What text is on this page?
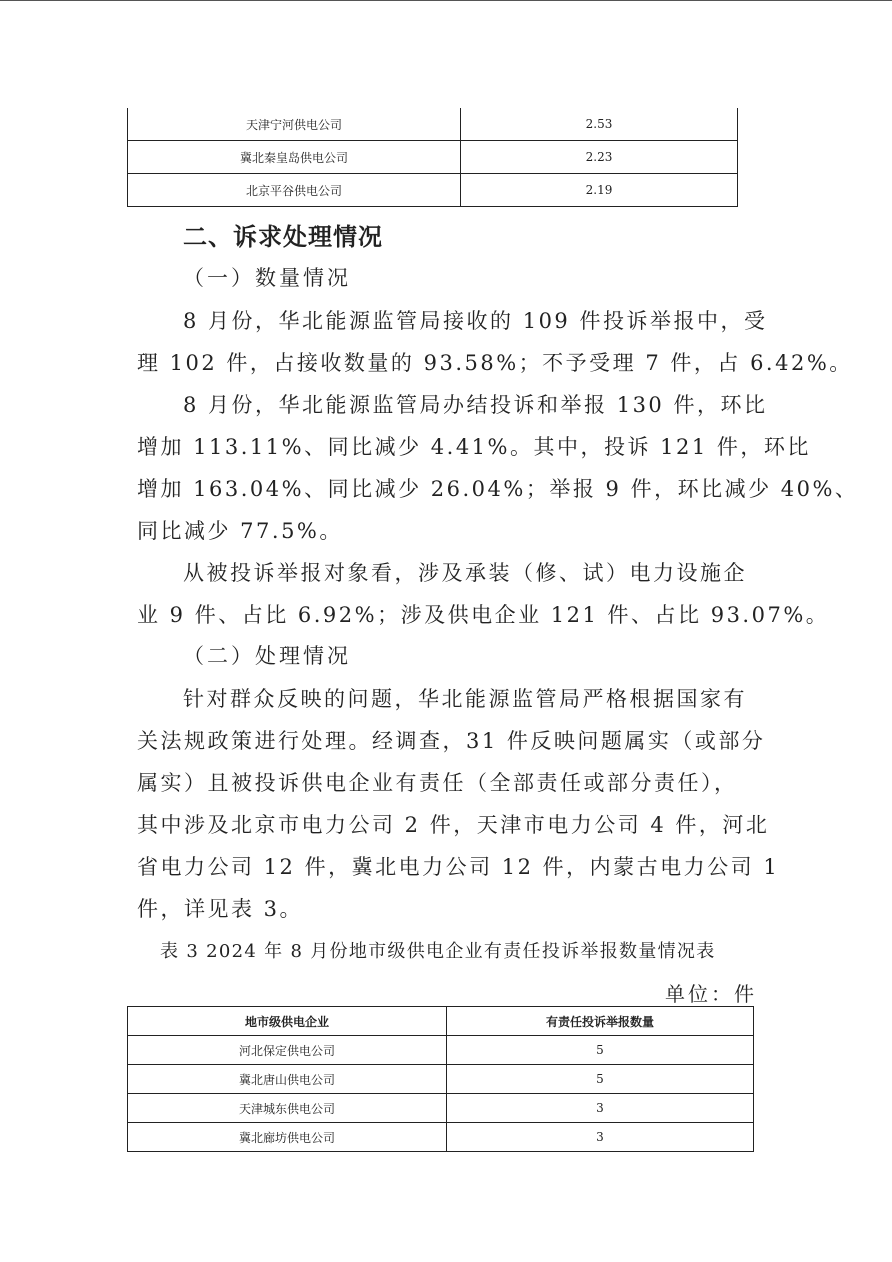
天津宁河供电公司	2.53
冀北秦皇岛供电公司	2.23
北京平谷供电公司	2.19
二、诉求处理情况
（一）数量情况
8 月份，华北能源监管局接收的 109 件投诉举报中，受
理 102 件，占接收数量的 93.58%；不予受理 7 件，占 6.42%。
8 月份，华北能源监管局办结投诉和举报 130 件，环比
增加 113.11%、同比减少 4.41%。其中，投诉 121 件，环比
增加 163.04%、同比减少 26.04%；举报 9 件，环比减少 40%、
同比减少 77.5%。
从被投诉举报对象看，涉及承装（修、试）电力设施企
业 9 件、占比 6.92%；涉及供电企业 121 件、占比 93.07%。
（二）处理情况
针对群众反映的问题，华北能源监管局严格根据国家有
关法规政策进行处理。经调查，31 件反映问题属实（或部分
属实）且被投诉供电企业有责任（全部责任或部分责任），
其中涉及北京市电力公司 2 件，天津市电力公司 4 件，河北
省电力公司 12 件，冀北电力公司 12 件，内蒙古电力公司 1
件，详见表 3。
表 3 2024 年 8 月份地市级供电企业有责任投诉举报数量情况表
单位：件
地市级供电企业	有责任投诉举报数量
河北保定供电公司	5
冀北唐山供电公司	5
天津城东供电公司	3
冀北廊坊供电公司	3
